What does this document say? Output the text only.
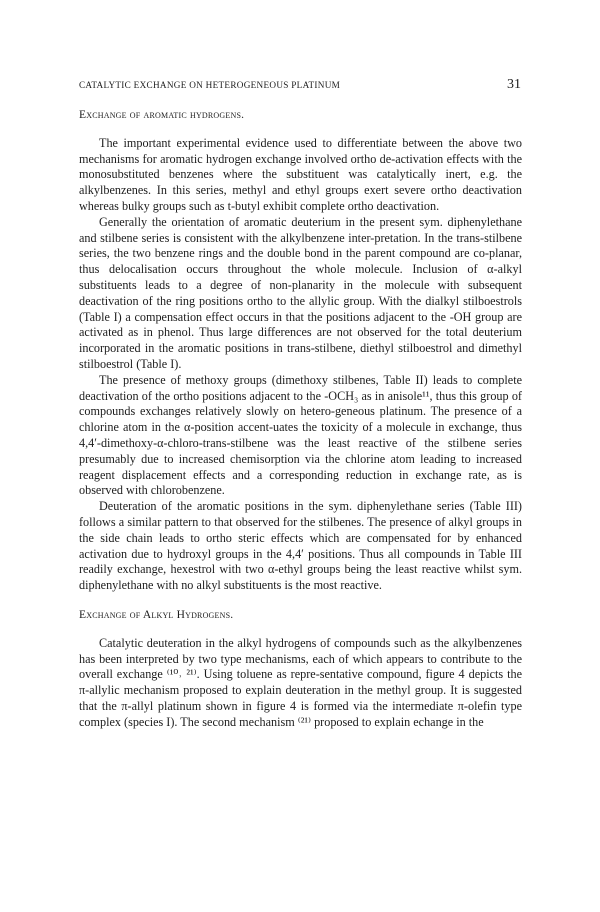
CATALYTIC EXCHANGE ON HETEROGENEOUS PLATINUM	31
Exchange of aromatic hydrogens.

The important experimental evidence used to differentiate between the above two mechanisms for aromatic hydrogen exchange involved ortho de-activation effects with the monosubstituted benzenes where the substituent was catalytically inert, e.g. the alkylbenzenes. In this series, methyl and ethyl groups exert severe ortho deactivation whereas bulky groups such as t-butyl exhibit complete ortho deactivation.

Generally the orientation of aromatic deuterium in the present sym. diphenylethane and stilbene series is consistent with the alkylbenzene inter-pretation. In the trans-stilbene series, the two benzene rings and the double bond in the parent compound are co-planar, thus delocalisation occurs throughout the whole molecule. Inclusion of α-alkyl substituents leads to a degree of non-planarity in the molecule with subsequent deactivation of the ring positions ortho to the allylic group. With the dialkyl stilboestrols (Table I) a compensation effect occurs in that the positions adjacent to the -OH group are activated as in phenol. Thus large differences are not observed for the total deuterium incorporated in the aromatic positions in trans-stilbene, diethyl stilboestrol and dimethyl stilboestrol (Table I).

The presence of methoxy groups (dimethoxy stilbenes, Table II) leads to complete deactivation of the ortho positions adjacent to the -OCH₃ as in anisole¹¹, thus this group of compounds exchanges relatively slowly on hetero-geneous platinum. The presence of a chlorine atom in the α-position accent-uates the toxicity of a molecule in exchange, thus 4,4′-dimethoxy-α-chloro-trans-stilbene was the least reactive of the stilbene series presumably due to increased chemisorption via the chlorine atom leading to increased reagent displacement effects and a corresponding reduction in exchange rate, as is observed with chlorobenzene.

Deuteration of the aromatic positions in the sym. diphenylethane series (Table III) follows a similar pattern to that observed for the stilbenes. The presence of alkyl groups in the side chain leads to ortho steric effects which are compensated for by enhanced activation due to hydroxyl groups in the 4,4′ positions. Thus all compounds in Table III readily exchange, hexestrol with two α-ethyl groups being the least reactive whilst sym. diphenylethane with no alkyl substituents is the most reactive.

Exchange of Alkyl Hydrogens.

Catalytic deuteration in the alkyl hydrogens of compounds such as the alkylbenzenes has been interpreted by two type mechanisms, each of which appears to contribute to the overall exchange ⁽¹⁰˒ ²¹⁾. Using toluene as repre-sentative compound, figure 4 depicts the π-allylic mechanism proposed to explain deuteration in the methyl group. It is suggested that the π-allyl platinum shown in figure 4 is formed via the intermediate π-olefin type complex (species I). The second mechanism ⁽²¹⁾ proposed to explain echange in the
